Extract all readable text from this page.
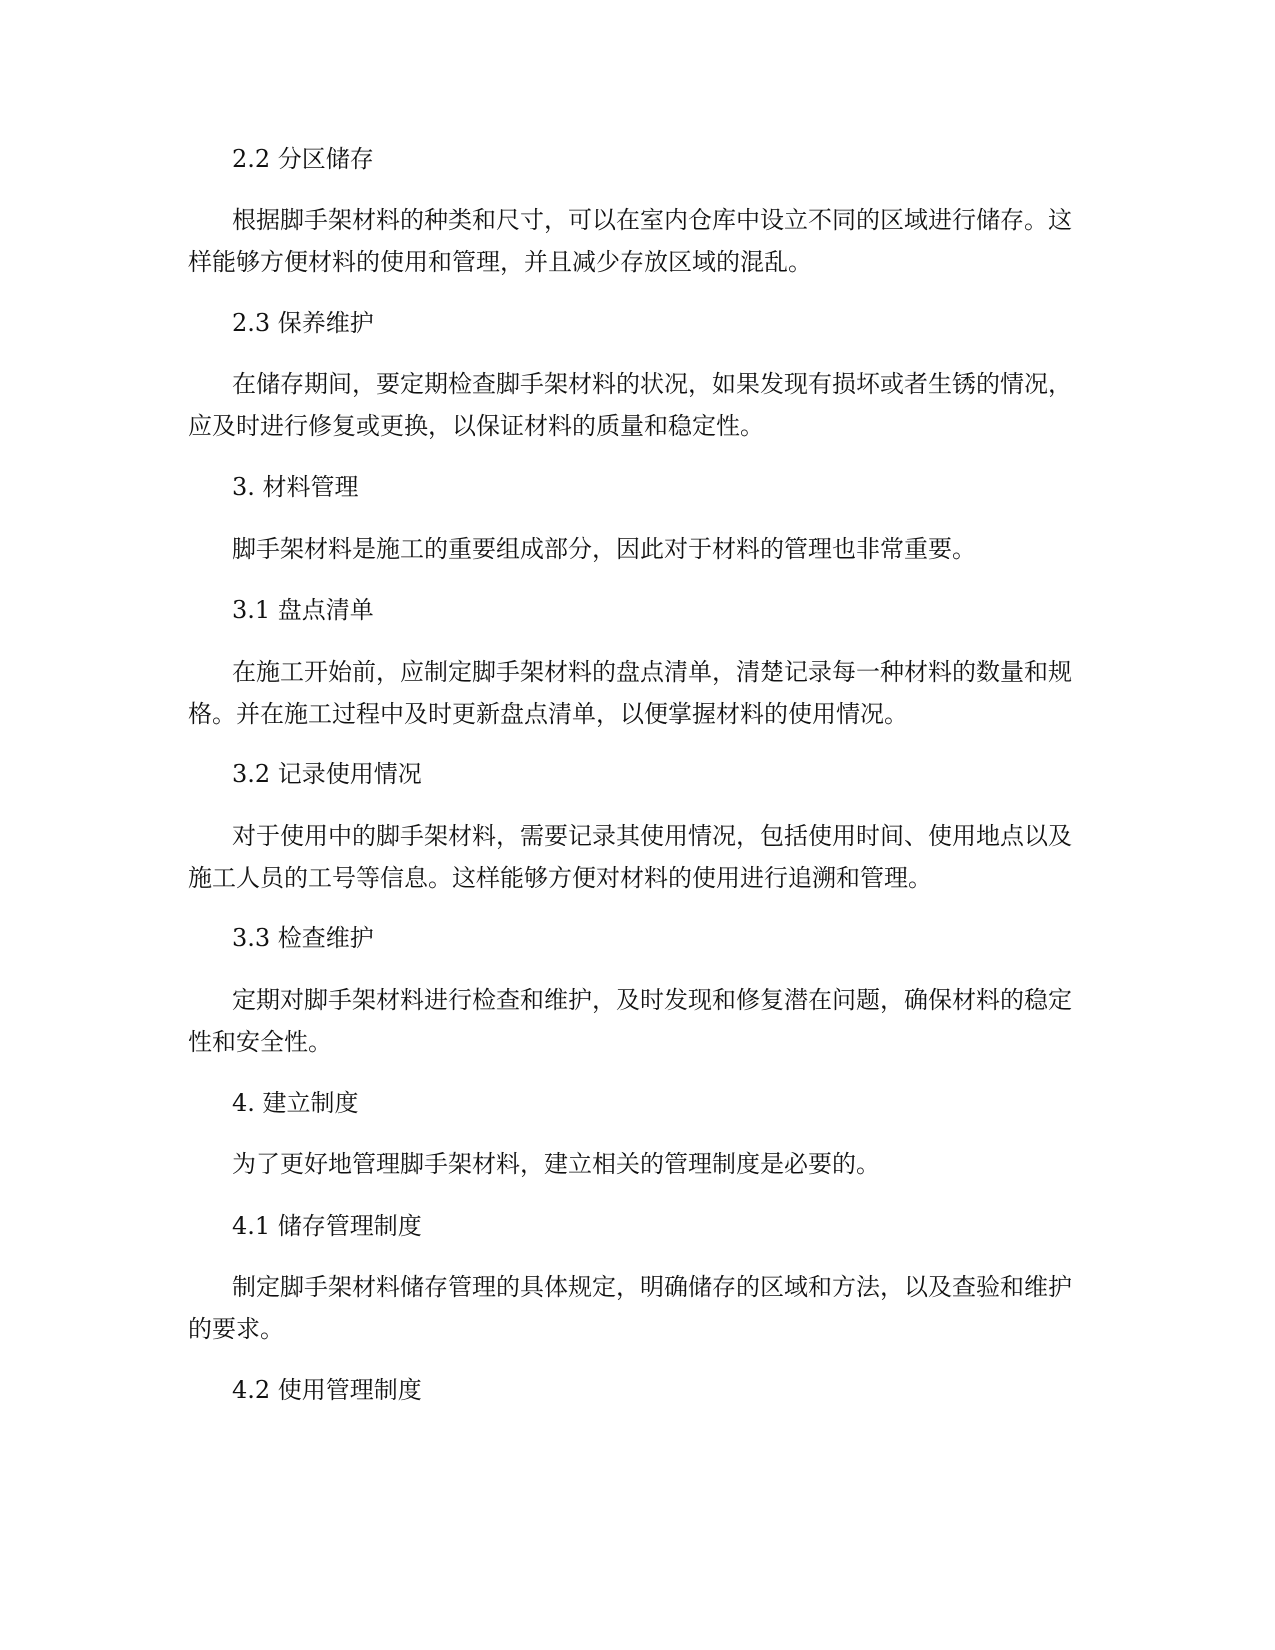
2.2 分区储存

根据脚手架材料的种类和尺寸，可以在室内仓库中设立不同的区域进行储存。这样能够方便材料的使用和管理，并且减少存放区域的混乱。

2.3 保养维护

在储存期间，要定期检查脚手架材料的状况，如果发现有损坏或者生锈的情况，应及时进行修复或更换，以保证材料的质量和稳定性。

3. 材料管理

脚手架材料是施工的重要组成部分，因此对于材料的管理也非常重要。

3.1 盘点清单

在施工开始前，应制定脚手架材料的盘点清单，清楚记录每一种材料的数量和规格。并在施工过程中及时更新盘点清单，以便掌握材料的使用情况。

3.2 记录使用情况

对于使用中的脚手架材料，需要记录其使用情况，包括使用时间、使用地点以及施工人员的工号等信息。这样能够方便对材料的使用进行追溯和管理。

3.3 检查维护

定期对脚手架材料进行检查和维护，及时发现和修复潜在问题，确保材料的稳定性和安全性。

4. 建立制度

为了更好地管理脚手架材料，建立相关的管理制度是必要的。

4.1 储存管理制度

制定脚手架材料储存管理的具体规定，明确储存的区域和方法，以及查验和维护的要求。

4.2 使用管理制度
